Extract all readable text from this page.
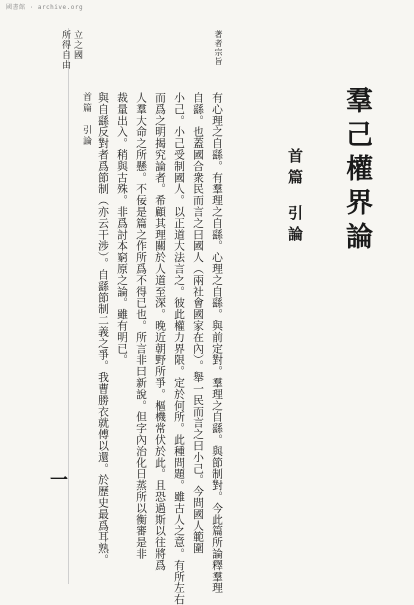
國書館 · archive.org
羣己權界論
著者宗旨
立之國
所得自由
首篇
引論
有心理之自繇。有羣理之自繇。心理之自繇。與前定對。羣理之自繇。與節制對。今此篇所論釋羣理
自繇。也蓋國合衆民而言之曰國人（兩社會國家在內）。舉一民而言之曰小己。今問國人範圍
小己。小己受制國人。以正道大法言之。彼此權力界限。定於何所。此種問題。雖古人之意。有所左右
而爲之明揭究論者。希顧其理關於人道至深。晚近朝野所爭。樞機常伏於此。且恐過斯以往將爲
人羣大命之所懸。不佞是篇之作所爲不得已也。所言非曰新說。但字內治化日蒸所以衡審是非
裁量出入。稍與古殊。非爲討本窮原之論。雖有明已。
與自繇反對者爲節制（亦云干涉）。自繇節制二義之爭。我曹勝衣就傅以還。於歷史最爲耳熟。
首篇　引論
一
